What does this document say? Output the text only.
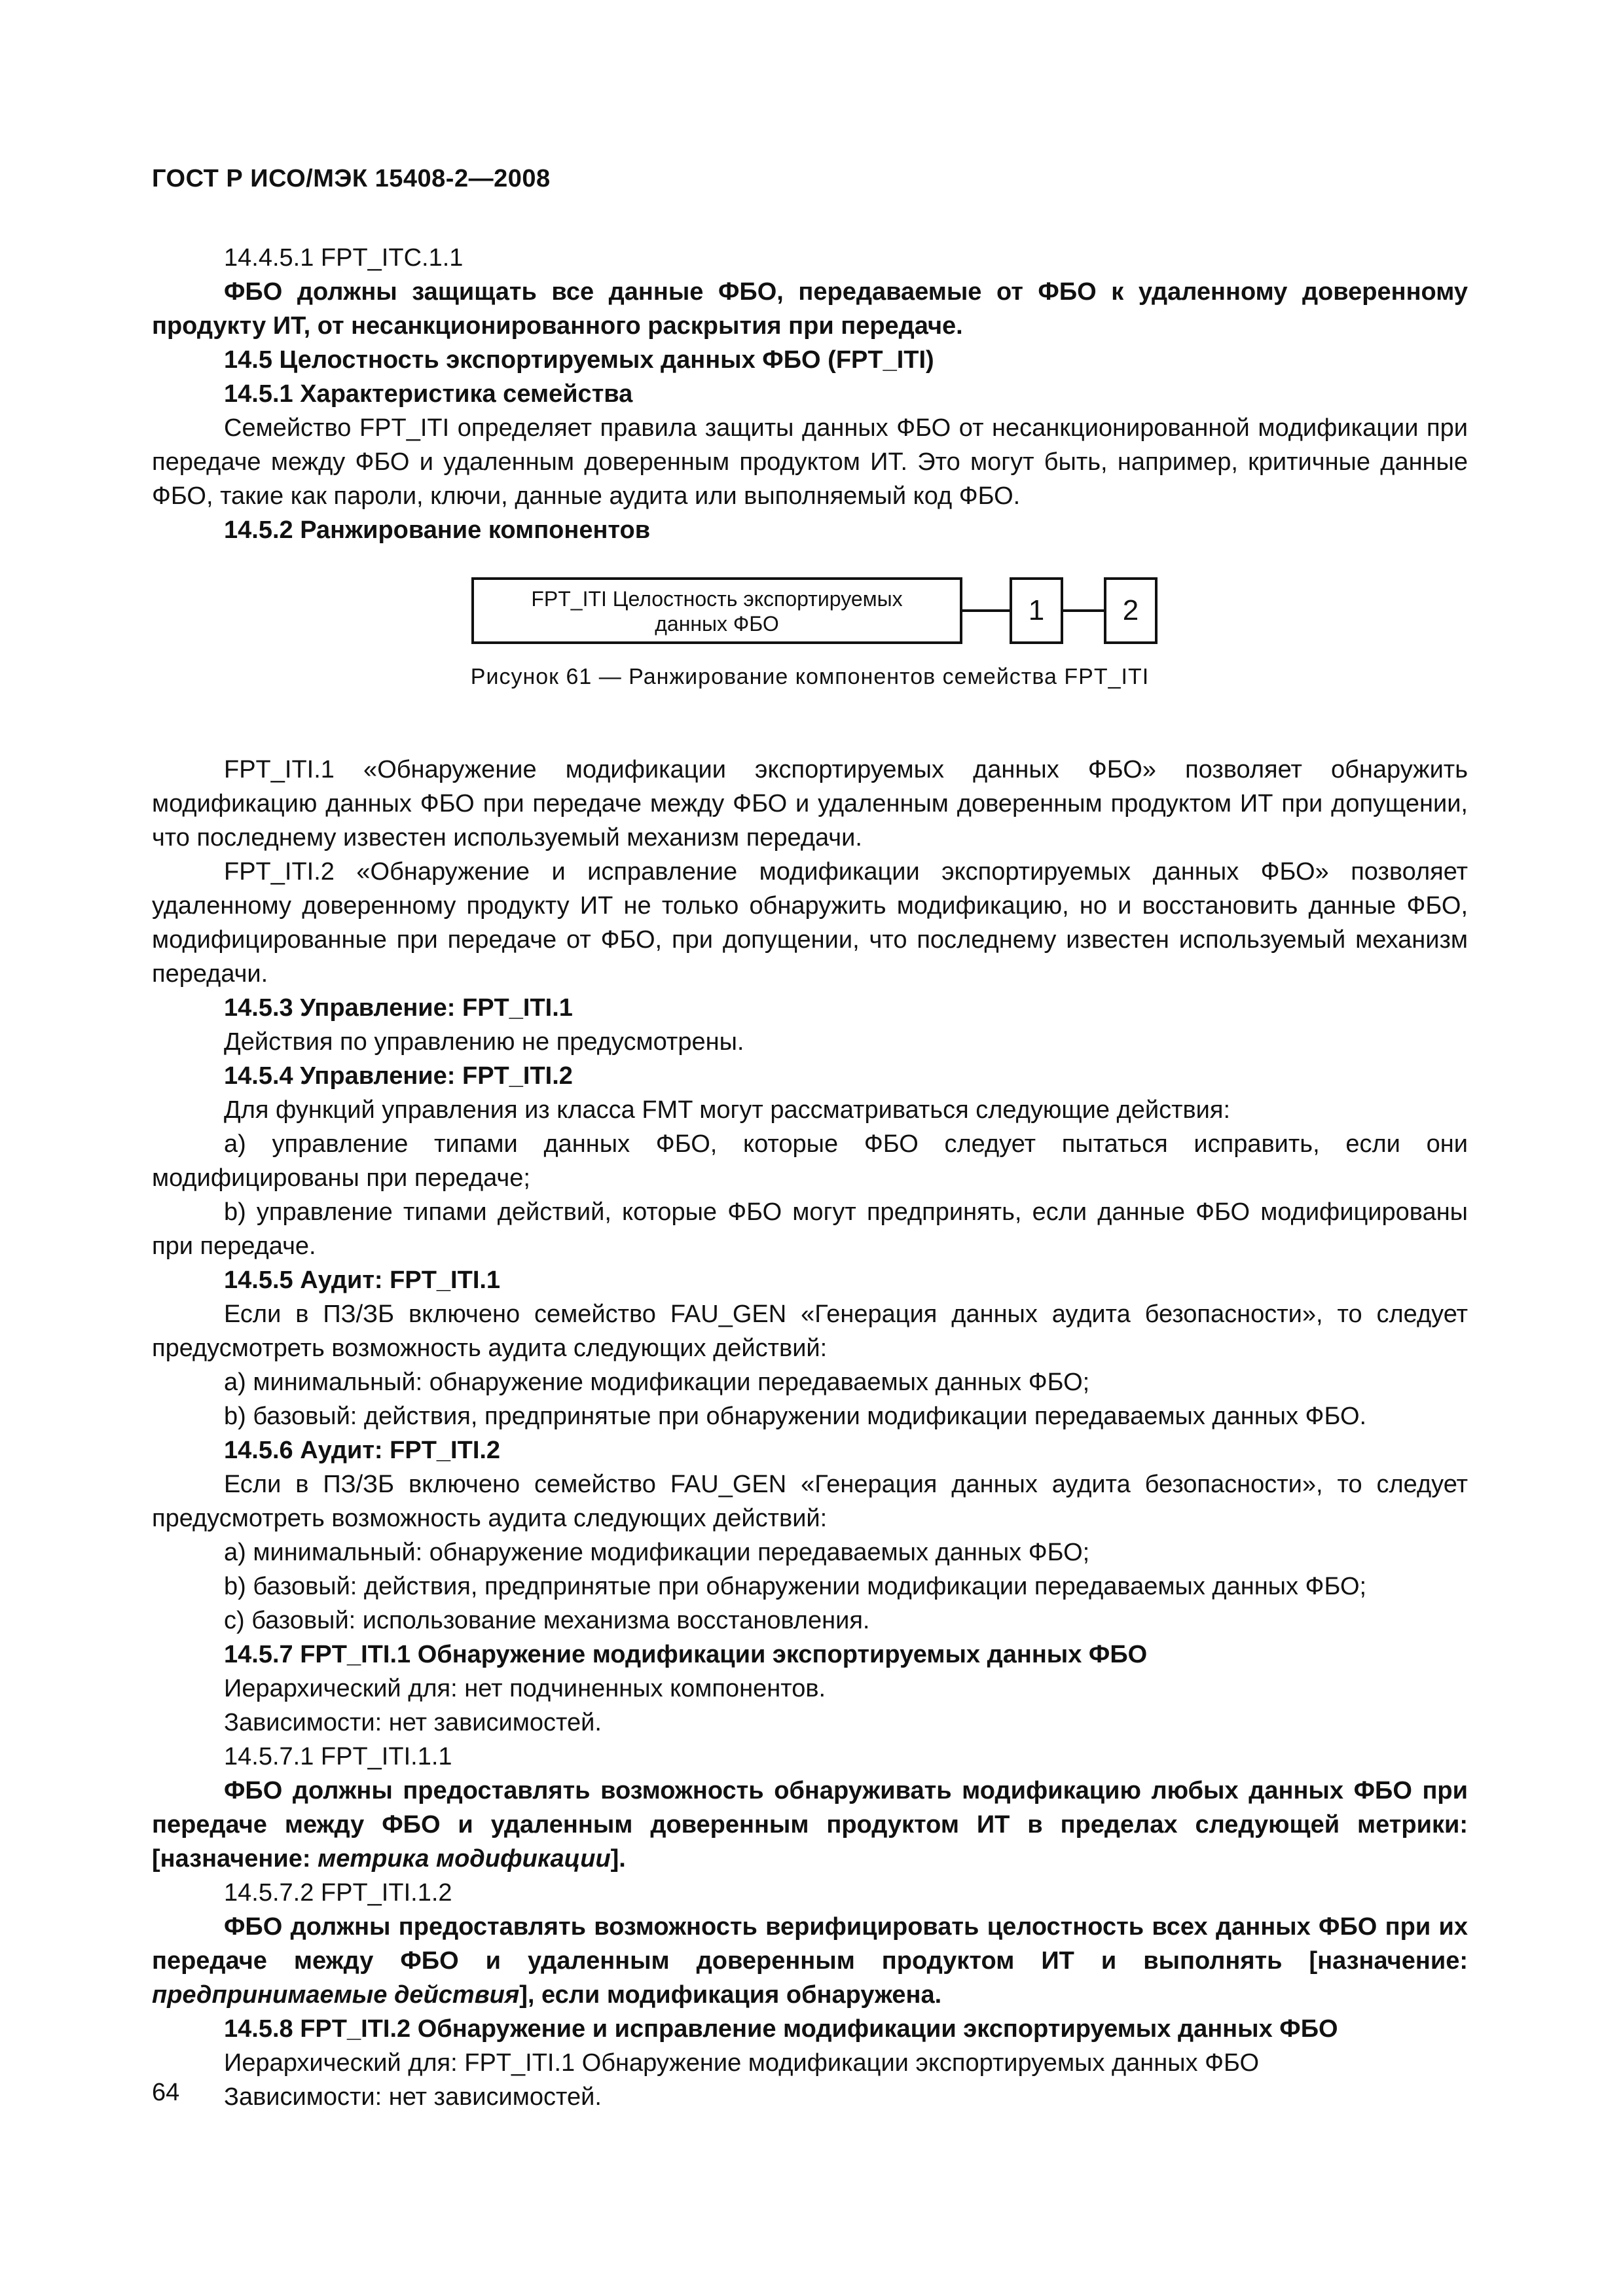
ГОСТ Р ИСО/МЭК 15408-2—2008

14.4.5.1 FPT_ITC.1.1

ФБО должны защищать все данные ФБО, передаваемые от ФБО к удаленному доверенному продукту ИТ, от несанкционированного раскрытия при передаче.

14.5 Целостность экспортируемых данных ФБО (FPT_ITI)

14.5.1 Характеристика семейства

Семейство FPT_ITI определяет правила защиты данных ФБО от несанкционированной модификации при передаче между ФБО и удаленным доверенным продуктом ИТ. Это могут быть, например, критичные данные ФБО, такие как пароли, ключи, данные аудита или выполняемый код ФБО.

14.5.2 Ранжирование компонентов

FPT_ITI Целостность экспортируемых
данных ФБО	1	2
Рисунок 61 — Ранжирование компонентов семейства FPT_ITI

FPT_ITI.1 «Обнаружение модификации экспортируемых данных ФБО» позволяет обнаружить модификацию данных ФБО при передаче между ФБО и удаленным доверенным продуктом ИТ при допущении, что последнему известен используемый механизм передачи.

FPT_ITI.2 «Обнаружение и исправление модификации экспортируемых данных ФБО» позволяет удаленному доверенному продукту ИТ не только обнаружить модификацию, но и восстановить данные ФБО, модифицированные при передаче от ФБО, при допущении, что последнему известен используемый механизм передачи.

14.5.3 Управление: FPT_ITI.1

Действия по управлению не предусмотрены.

14.5.4 Управление: FPT_ITI.2

Для функций управления из класса FMT могут рассматриваться следующие действия:

a) управление типами данных ФБО, которые ФБО следует пытаться исправить, если они модифицированы при передаче;

b) управление типами действий, которые ФБО могут предпринять, если данные ФБО модифицированы при передаче.

14.5.5 Аудит: FPT_ITI.1

Если в ПЗ/ЗБ включено семейство FAU_GEN «Генерация данных аудита безопасности», то следует предусмотреть возможность аудита следующих действий:

a) минимальный: обнаружение модификации передаваемых данных ФБО;

b) базовый: действия, предпринятые при обнаружении модификации передаваемых данных ФБО.

14.5.6 Аудит: FPT_ITI.2

Если в ПЗ/ЗБ включено семейство FAU_GEN «Генерация данных аудита безопасности», то следует предусмотреть возможность аудита следующих действий:

a) минимальный: обнаружение модификации передаваемых данных ФБО;

b) базовый: действия, предпринятые при обнаружении модификации передаваемых данных ФБО;

c) базовый: использование механизма восстановления.

14.5.7 FPT_ITI.1 Обнаружение модификации экспортируемых данных ФБО

Иерархический для: нет подчиненных компонентов.

Зависимости: нет зависимостей.

14.5.7.1 FPT_ITI.1.1

ФБО должны предоставлять возможность обнаруживать модификацию любых данных ФБО при передаче между ФБО и удаленным доверенным продуктом ИТ в пределах следующей метрики: [назначение: метрика модификации].

14.5.7.2 FPT_ITI.1.2

ФБО должны предоставлять возможность верифицировать целостность всех данных ФБО при их передаче между ФБО и удаленным доверенным продуктом ИТ и выполнять [назначение: предпринимаемые действия], если модификация обнаружена.

14.5.8 FPT_ITI.2 Обнаружение и исправление модификации экспортируемых данных ФБО

Иерархический для: FPT_ITI.1 Обнаружение модификации экспортируемых данных ФБО

Зависимости: нет зависимостей.

64
